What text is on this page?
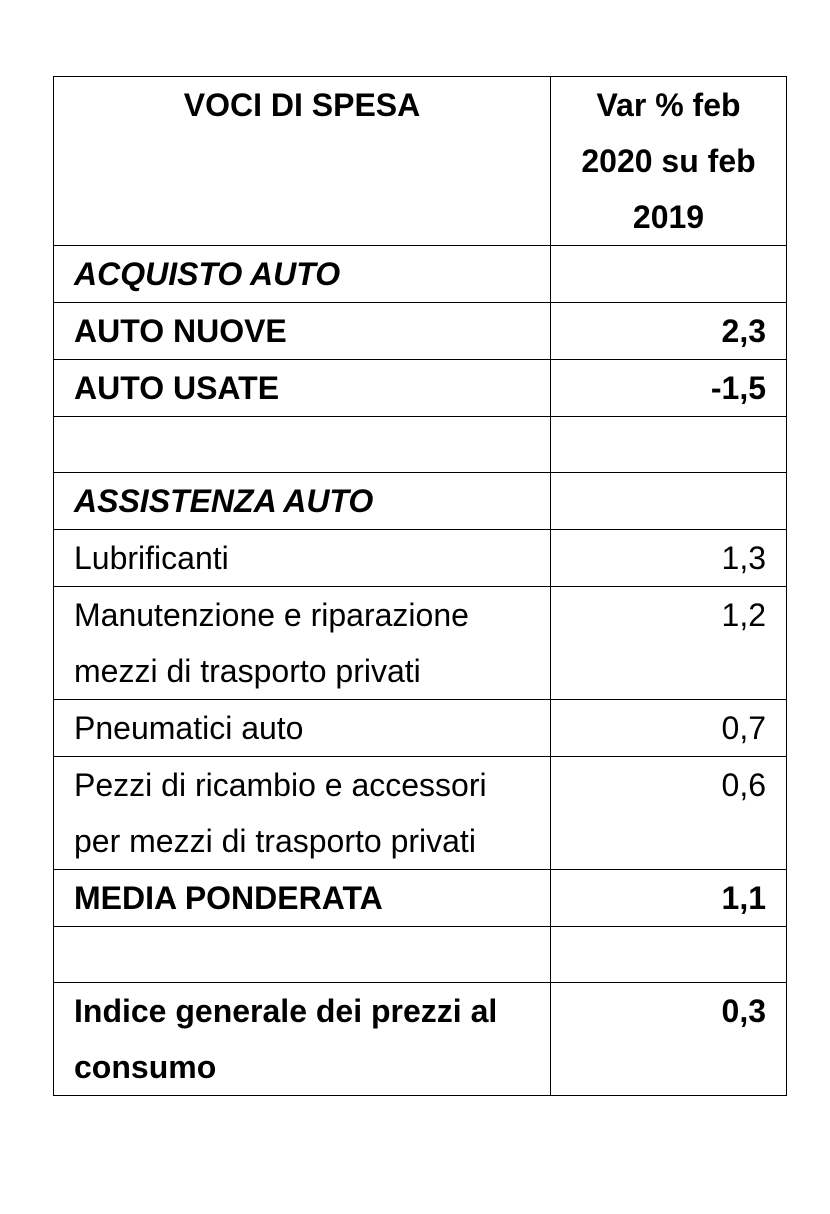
VOCI DI SPESA	Var % feb 2020 su feb 2019
ACQUISTO AUTO	
AUTO NUOVE	2,3
AUTO USATE	-1,5

ASSISTENZA AUTO	
Lubrificanti	1,3
Manutenzione e riparazione mezzi di trasporto privati	1,2
Pneumatici auto	0,7
Pezzi di ricambio e accessori per mezzi di trasporto privati	0,6
MEDIA PONDERATA	1,1

Indice generale dei prezzi al consumo	0,3
